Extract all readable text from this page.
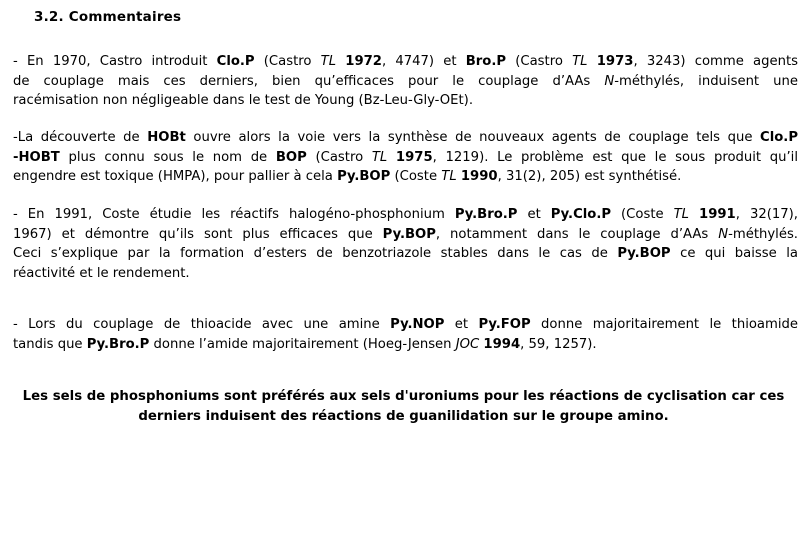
3.2. Commentaires
- En 1970, Castro introduit Clo.P (Castro TL 1972, 4747) et Bro.P (Castro TL 1973, 3243) comme agents
de couplage mais ces derniers, bien qu’efficaces pour le couplage d’AAs N-méthylés, induisent une
racémisation non négligeable dans le test de Young (Bz-Leu-Gly-OEt).
-La découverte de HOBt ouvre alors la voie vers la synthèse de nouveaux agents de couplage tels que Clo.P
-HOBT plus connu sous le nom de BOP (Castro TL 1975, 1219). Le problème est que le sous produit qu’il
engendre est toxique (HMPA), pour pallier à cela Py.BOP (Coste TL 1990, 31(2), 205) est synthétisé.
- En 1991, Coste étudie les réactifs halogéno-phosphonium Py.Bro.P et Py.Clo.P (Coste TL 1991, 32(17),
1967) et démontre qu’ils sont plus efficaces que Py.BOP, notamment dans le couplage d’AAs N-méthylés.
Ceci s’explique par la formation d’esters de benzotriazole stables dans le cas de Py.BOP ce qui baisse la
réactivité et le rendement.
- Lors du couplage de thioacide avec une amine Py.NOP et Py.FOP donne majoritairement le thioamide
tandis que Py.Bro.P donne l’amide majoritairement (Hoeg-Jensen JOC 1994, 59, 1257).
Les sels de phosphoniums sont préférés aux sels d'uroniums pour les réactions de cyclisation car ces
derniers induisent des réactions de guanilidation sur le groupe amino.
